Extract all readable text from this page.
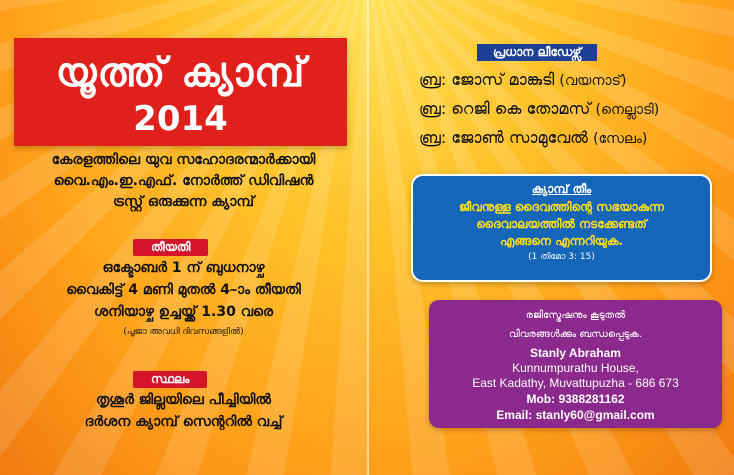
യൂത്ത് ക്യാമ്പ്
2014
കേരളത്തിലെ യുവ സഹോദരന്മാർക്കായി
വൈ.എം.ഇ.എഫ്. നോർത്ത് ഡിവിഷൻ
ട്രസ്റ്റ് ഒരുക്കുന്ന ക്യാമ്പ്
തീയതി
ഒക്ടോബർ 1 ന് ബുധനാഴ്ച
വൈകിട്ട് 4 മണി മുതൽ 4–ാം തീയതി
ശനിയാഴ്ച ഉച്ചയ്ക്ക് 1.30 വരെ
(പൂജാ അവധി ദിവസങ്ങളിൽ)
സ്ഥലം
തൃശൂർ ജില്ലയിലെ പീച്ചിയിൽ
ദർശന ക്യാമ്പ് സെന്ററിൽ വച്ച്
പ്രധാന ലീഡേഴ്സ്
ബ്ര: ജോസ് മാങ്കുടി (വയനാട്)
ബ്ര: റെജി കെ തോമസ് (നെല്ലാടി)
ബ്ര: ജോൺ സാമുവേൽ (സേലം)
ക്യാമ്പ് തീം
ജീവനുള്ള ദൈവത്തിന്റെ സഭയാകുന്ന
ദൈവാലയത്തിൽ നടക്കേണ്ടത്
എങ്ങനെ എന്നറിയുക.
(1 തിമോ 3: 15)
രജിസ്ട്രേഷനും കൂടുതൽ
വിവരങ്ങൾക്കും ബന്ധപ്പെടുക.
Stanly Abraham
Kunnumpurathu House,
East Kadathy, Muvattupuzha - 686 673
Mob: 9388281162
Email: stanly60@gmail.com
